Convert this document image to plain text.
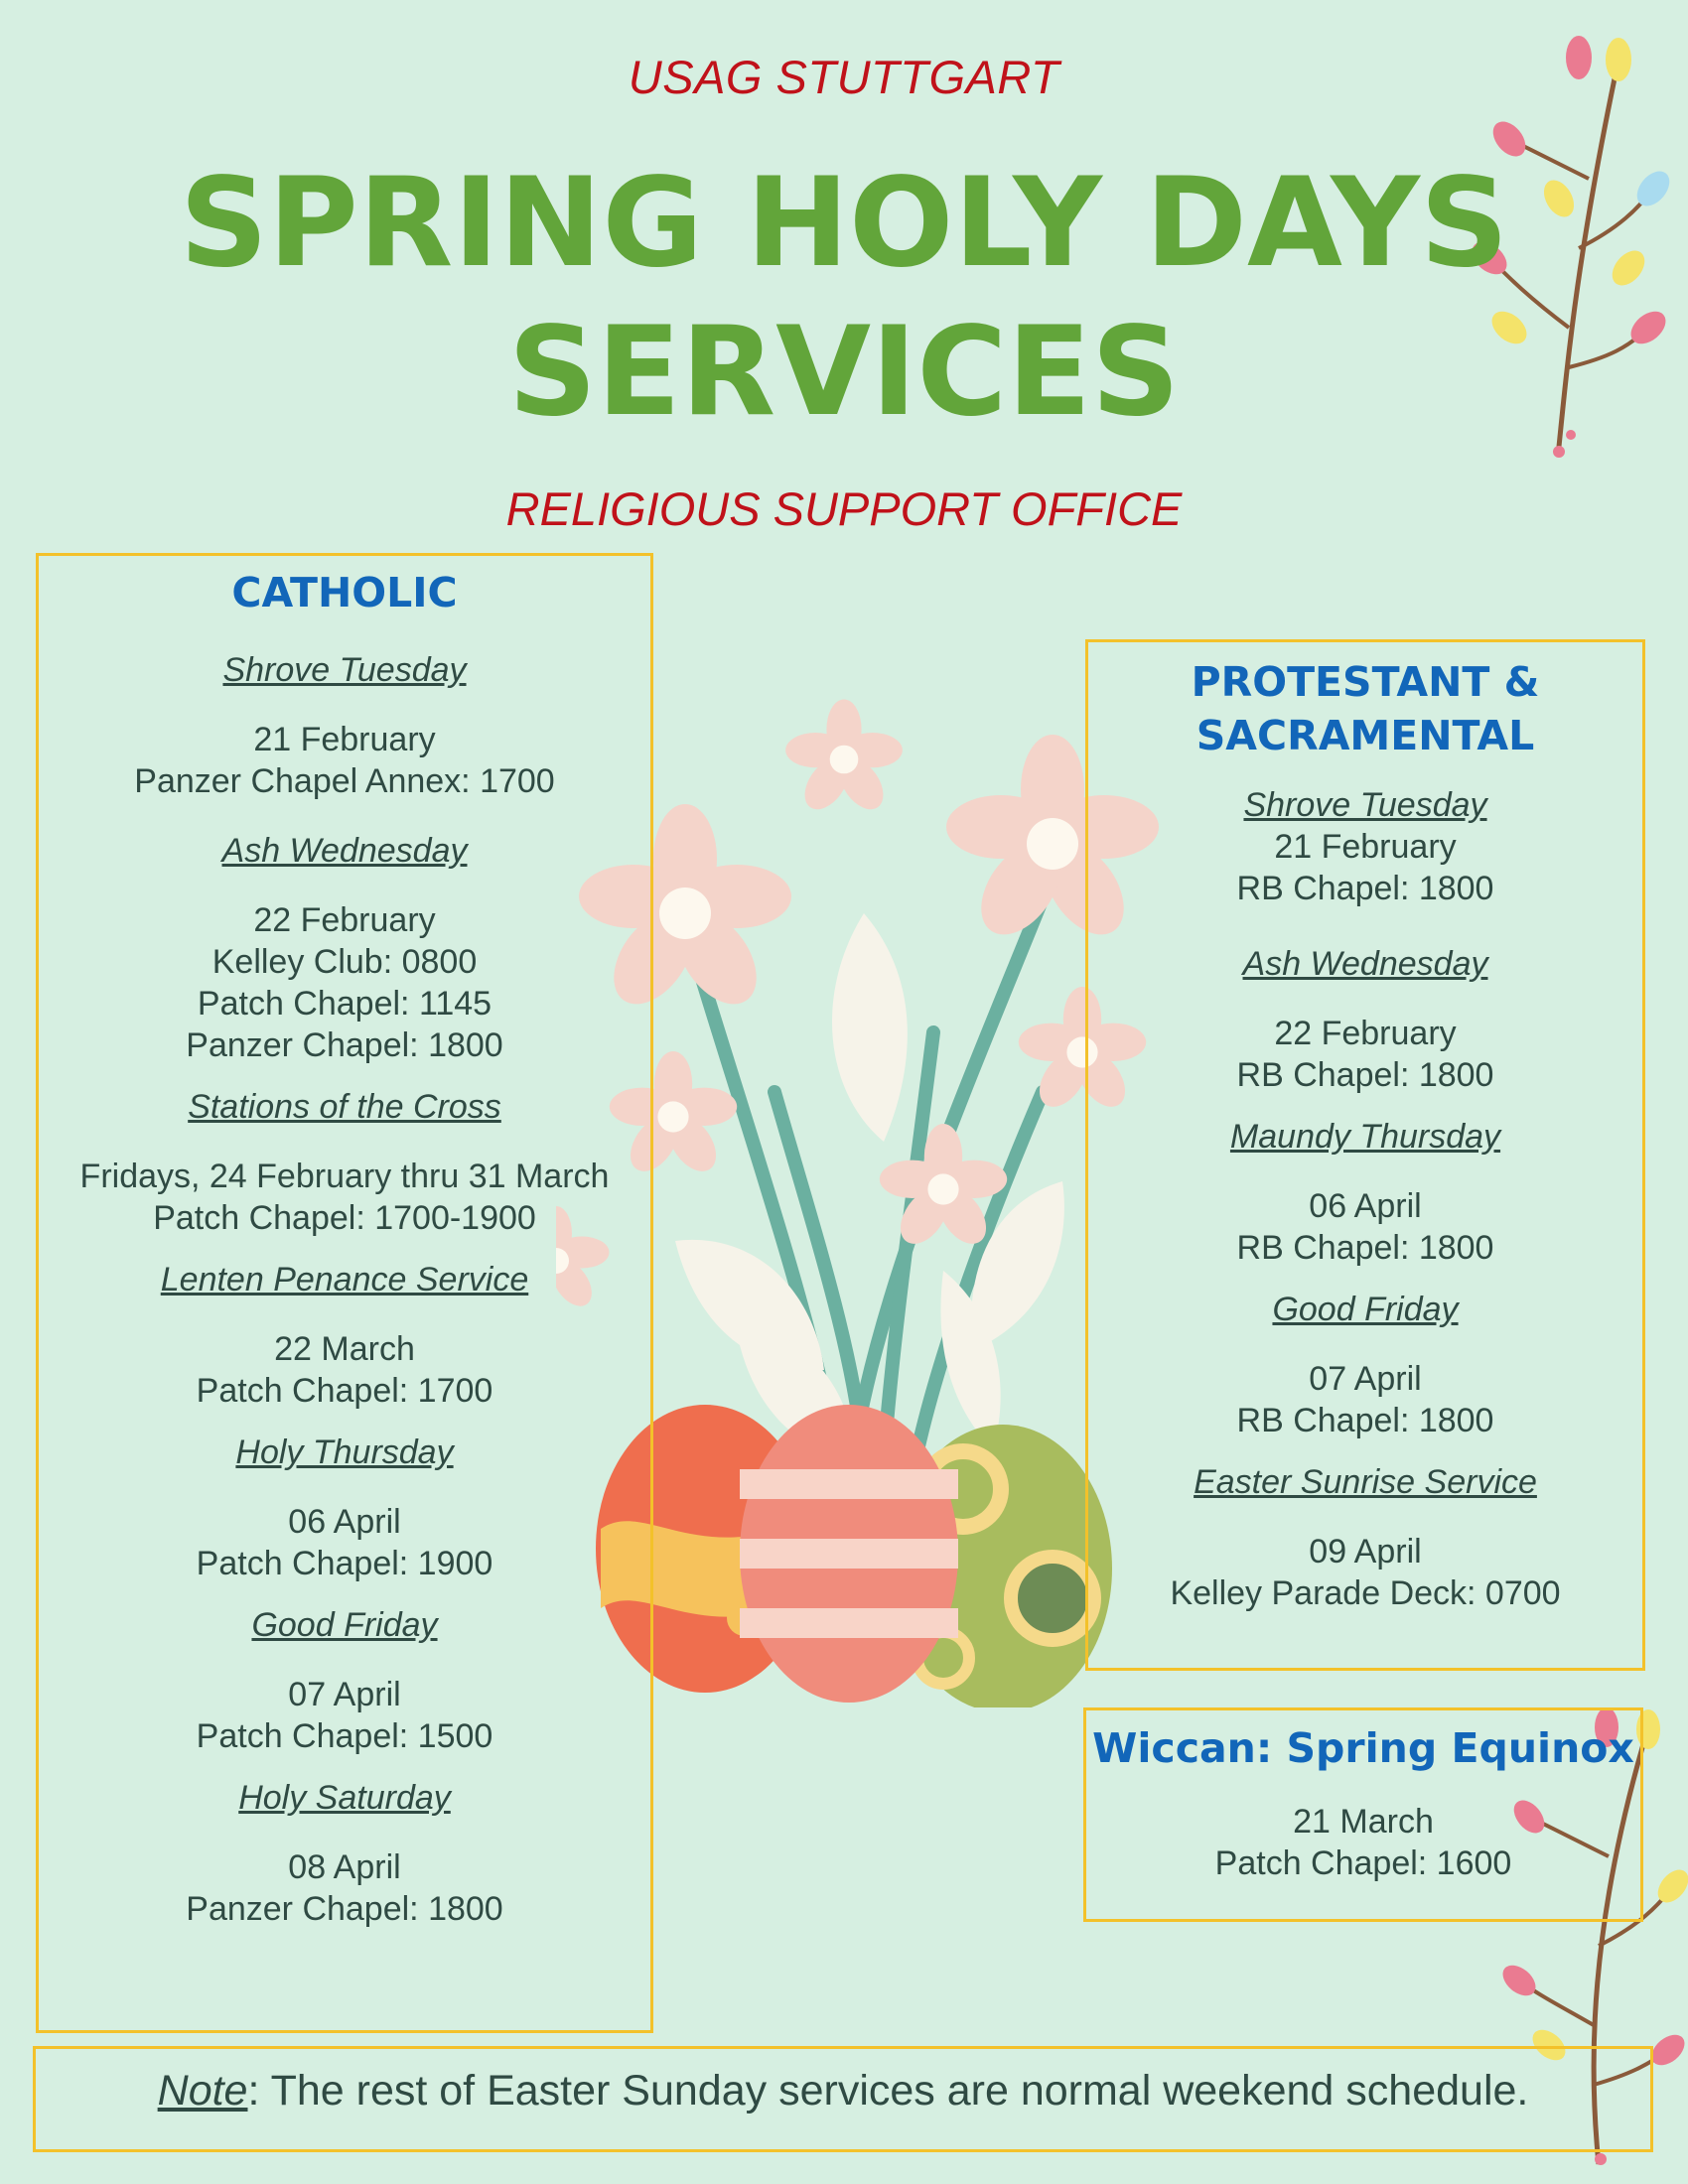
USAG STUTTGART
SPRING HOLY DAYS
SERVICES
RELIGIOUS SUPPORT OFFICE
CATHOLIC
Shrove Tuesday
21 February
Panzer Chapel Annex: 1700
Ash Wednesday
22 February
Kelley Club: 0800
Patch Chapel: 1145
Panzer Chapel: 1800
Stations of the Cross
Fridays, 24 February thru 31 March
Patch Chapel: 1700-1900
Lenten Penance Service
22 March
Patch Chapel: 1700
Holy Thursday
06 April
Patch Chapel: 1900
Good Friday
07 April
Patch Chapel: 1500
Holy Saturday
08 April
Panzer Chapel: 1800
PROTESTANT &
SACRAMENTAL
Shrove Tuesday
21 February
RB Chapel: 1800
Ash Wednesday
22 February
RB Chapel: 1800
Maundy Thursday
06 April
RB Chapel: 1800
Good Friday
07 April
RB Chapel: 1800
Easter Sunrise Service
09 April
Kelley Parade Deck: 0700
Wiccan: Spring Equinox
21 March
Patch Chapel: 1600
Note: The rest of Easter Sunday services are normal weekend schedule.
